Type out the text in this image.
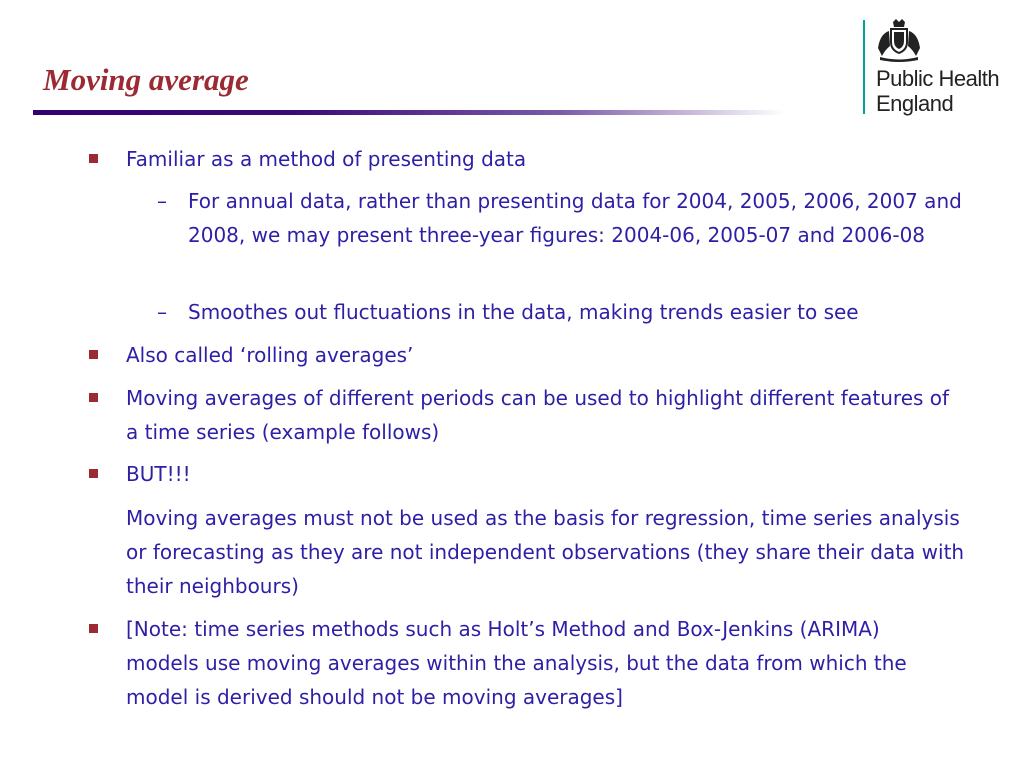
Moving average	Public Health
England
Familiar as a method of presenting data
– For annual data, rather than presenting data for 2004, 2005, 2006, 2007 and 2008, we may present three-year figures: 2004-06, 2005-07 and 2006-08
– Smoothes out fluctuations in the data, making trends easier to see
Also called ‘rolling averages’
Moving averages of different periods can be used to highlight different features of a time series (example follows)
BUT!!!
Moving averages must not be used as the basis for regression, time series analysis or forecasting as they are not independent observations (they share their data with their neighbours)
[Note: time series methods such as Holt’s Method and Box-Jenkins (ARIMA) models use moving averages within the analysis, but the data from which the model is derived should not be moving averages]
